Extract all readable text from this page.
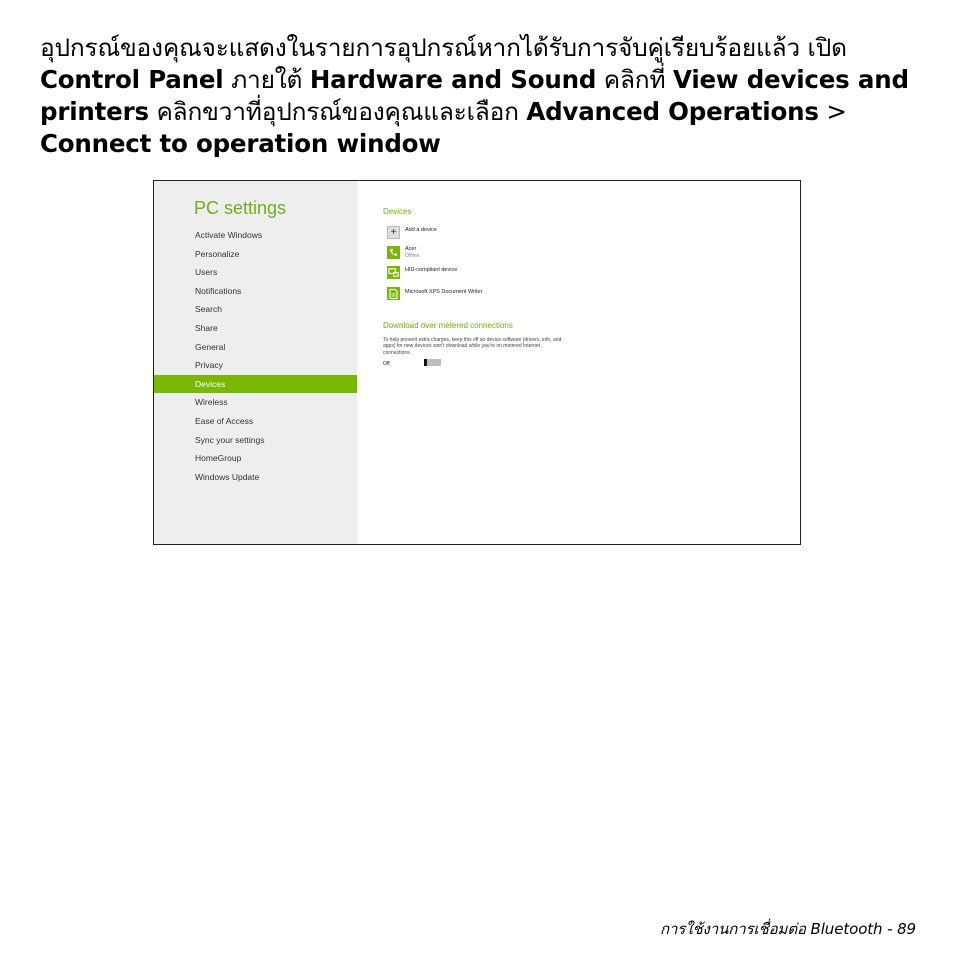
อุปกรณ์ของคุณจะแสดงในรายการอุปกรณ์หากได้รับการจับคู่เรียบร้อยแล้ว เปิด Control Panel ภายใต้ Hardware and Sound คลิกที่ View devices and printers คลิกขวาที่อุปกรณ์ของคุณและเลือก Advanced Operations > Connect to operation window
PC settings
Activate Windows
Personalize
Users
Notifications
Search
Share
General
Privacy
Devices
Wireless
Ease of Access
Sync your settings
HomeGroup
Windows Update
Devices
+	Add a device
Acer
Offline
HID-compliant device
Microsoft XPS Document Writer
Download over metered connections
To help prevent extra charges, keep this off so device software (drivers, info, and apps) for new devices won't download while you're on metered Internet connections.
Off
การใช้งานการเชื่อมต่อ Bluetooth - 89
